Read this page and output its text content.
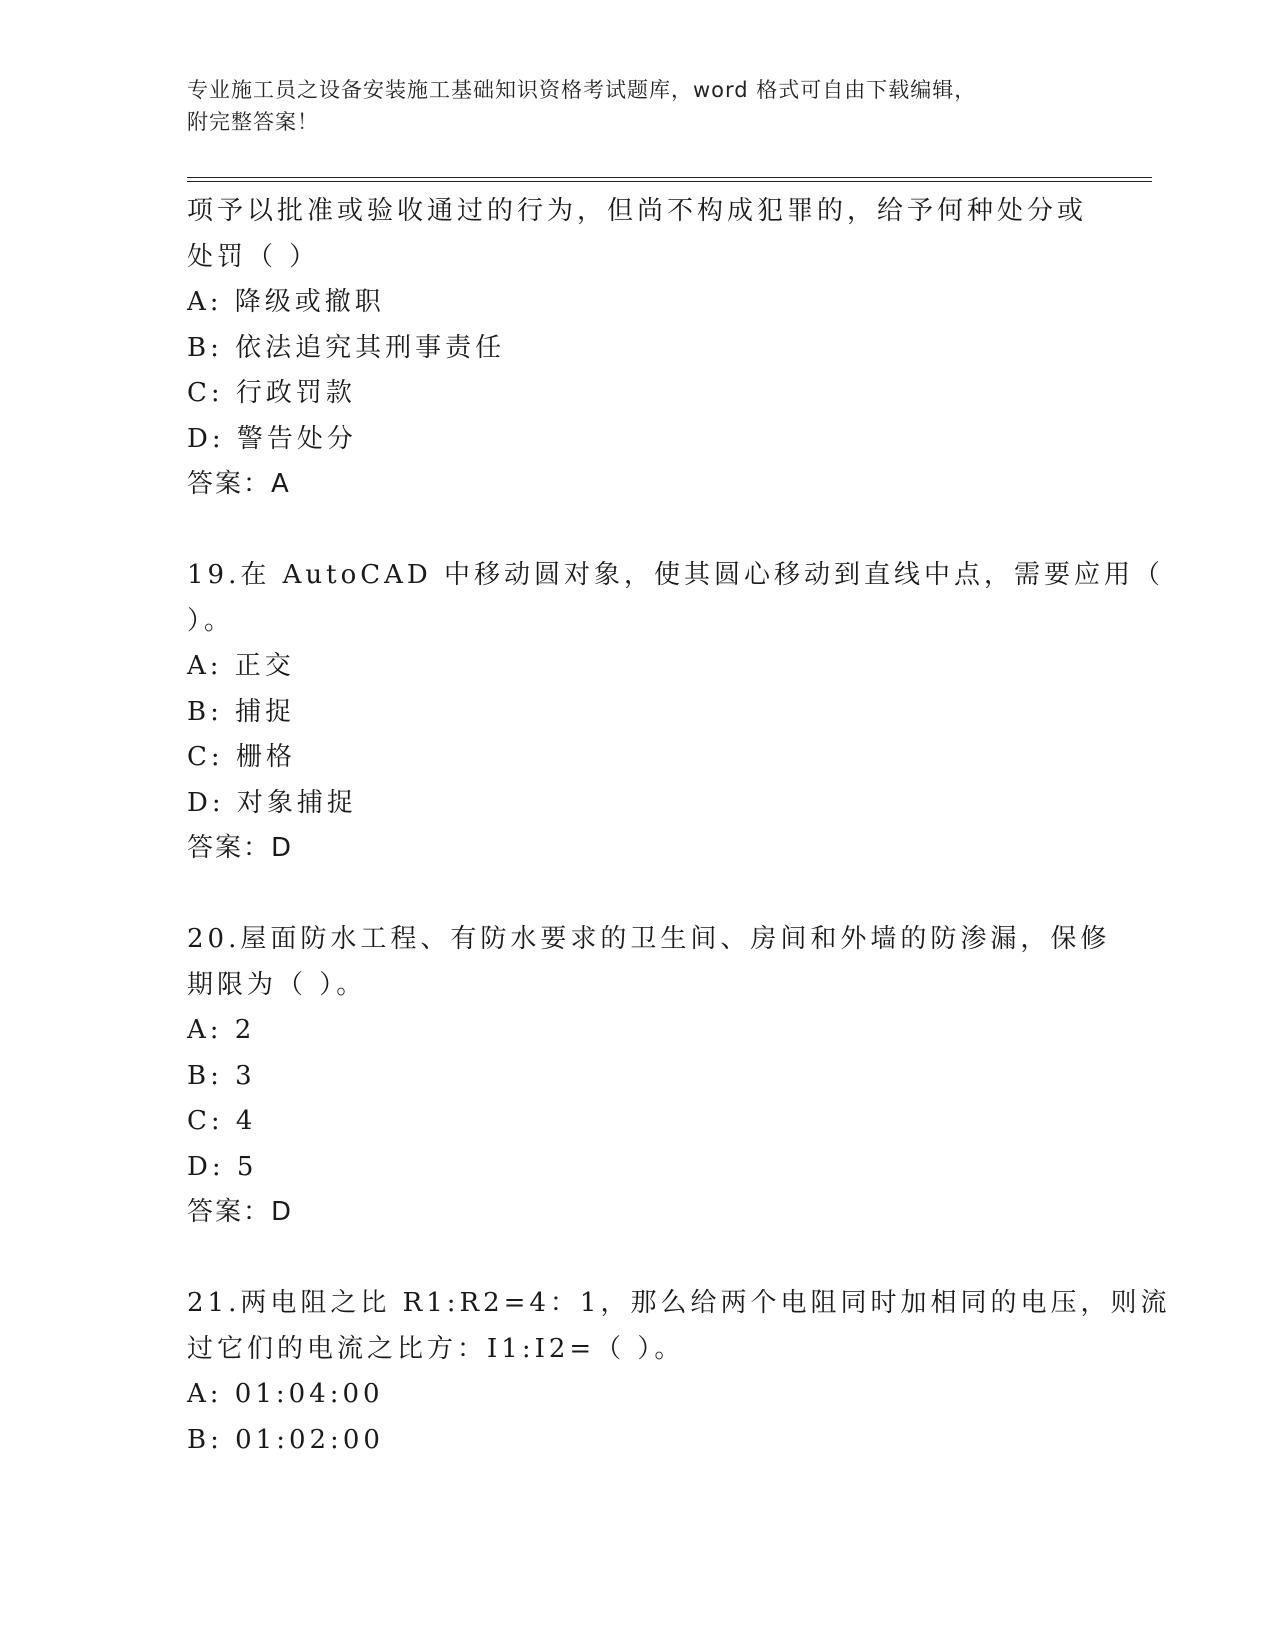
专业施工员之设备安装施工基础知识资格考试题库，word 格式可自由下载编辑，
附完整答案！
项予以批准或验收通过的行为，但尚不构成犯罪的，给予何种处分或
处罚（ ）
A: 降级或撤职
B: 依法追究其刑事责任
C: 行政罚款
D: 警告处分
答案：A
19.在 AutoCAD 中移动圆对象，使其圆心移动到直线中点，需要应用（
）。
A: 正交
B: 捕捉
C: 栅格
D: 对象捕捉
答案：D
20.屋面防水工程、有防水要求的卫生间、房间和外墙的防渗漏，保修
期限为（ ）。
A: 2
B: 3
C: 4
D: 5
答案：D
21.两电阻之比 R1:R2=4：1，那么给两个电阻同时加相同的电压，则流
过它们的电流之比方：I1:I2=（ ）。
A: 01:04:00
B: 01:02:00
